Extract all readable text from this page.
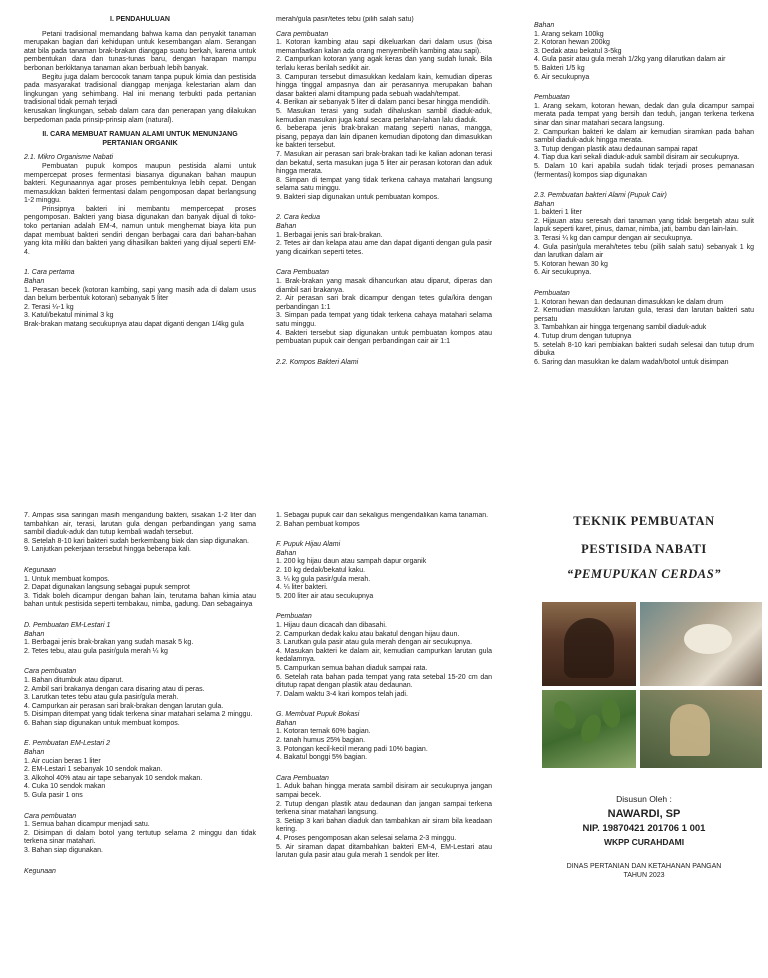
I. PENDAHULUAN

Petani tradisional memandang bahwa kama dan penyakit tanaman merupakan bagian dari kehidupan untuk kesembangan alam. Serangan atat bila pada tanaman brak-brakan dianggap suatu berkah, karena untuk pembentukan dara dan tunas-tunas baru, dengan harapan mampu berbonan berkiktanya tanaman akan berbuah lebih banyak.

Begitu juga dalam bercocok tanam tanpa pupuk kimia dan pestisida pada masyarakat tradisional dianggap menjaga kelestarian alam dan lingkungan yang sehimbang. Hal ini menang terbukti pada pertanian tradisional tidak pernah terjadi

kerusakan lingkungan, sebab dalam cara dan penerapan yang dilakukan berpedoman pada prinsip-prinsip alam (natural).

II. CARA MEMBUAT RAMUAN ALAMI UNTUK MENUNJANG PERTANIAN ORGANIK

2.1. Mikro Organisme Nabati

Pembuatan pupuk kompos maupun pestisida alami untuk mempercepat proses fermentasi biasanya digunakan bahan maupun bakteri. Kegunaannya agar proses pembentuknya lebih cepat. Dengan memasukkan bakteri fermentasi dalam pengomposan dapat berlangsung 1-2 minggu.

Prinsipnya bakteri ini membantu mempercepat proses pengomposan. Bakteri yang biasa digunakan dan banyak dijual di toko-toko pertanian adalah EM-4, namun untuk menghemat biaya kita pun dapat membuat bakteri sendiri dengan berbagai cara dari bahan-bahan yang kita miliki dan bakteri yang dihasilkan bakteri yang dijual seperti EM-4.

1. Cara pertama

Bahan

1. Perasan becek (kotoran kambing, sapi yang masih ada di dalam usus dan belum berbentuk kotoran) sebanyak 5 liter

2. Terasi ¼-1 kg

3. Katul/bekatul minimal 3 kg

Brak-brakan matang secukupnya atau dapat diganti dengan 1/4kg gula

merah/gula pasir/tetes tebu (pilih salah satu)

Cara pembuatan

1. Kotoran kambing atau sapi dikeluarkan dari dalam usus (bisa memanfaatkan kalan ada orang menyembelih kambing atau sapi).

2. Campurkan kotoran yang agak keras dan yang sudah lunak. Bila terlalu keras berilah sedikit air.

3. Campuran tersebut dimasukkan kedalam kain, kemudian diperas hingga tinggal ampasnya dan air perasannya merupakan bahan dasar bakteri alami ditampung pada sebuah wadah/tempat.

4. Berikan air sebanyak 5 liter di dalam panci besar hingga mendidih.

5. Masukan terasi yang sudah dihaluskan sambil diaduk-aduk, kemudian masukan juga katul secara perlahan-lahan lalu diaduk.

6. beberapa jenis brak-brakan matang seperti nanas, mangga, pisang, pepaya dan lain dipanen kemudian dipotong dan dimasukkan ke bakteri tersebut.

7. Masukan air perasan sari brak-brakan tadi ke kalian adonan terasi dan bekatul, serta masukan juga 5 liter air perasan kotoran dan aduk hingga merata.

8. Simpan di tempat yang tidak terkena cahaya matahari langsung selama satu minggu.

9. Bakteri siap digunakan untuk pembuatan kompos.

2. Cara kedua

Bahan

1. Berbagai jenis sari brak-brakan.

2. Tetes air dan kelapa atau ame dan dapat diganti dengan gula pasir yang dicairkan seperti tetes.

Cara Pembuatan

1. Brak-brakan yang masak dihancurkan atau diparut, diperas dan diambil sari brakanya.

2. Air perasan sari brak dicampur dengan tetes gula/kira dengan perbandingan 1:1

3. Simpan pada tempat yang tidak terkena cahaya matahari selama satu minggu.

4. Bakteri tersebut siap digunakan untuk pembuatan kompos atau pembuatan pupuk cair dengan perbandingan cair air 1:1

2.2. Kompos Bakteri Alami

Bahan

1. Arang sekam 100kg

2. Kotoran hewan 200kg

3. Dedak atau bekatul 3-5kg

4. Gula pasir atau gula merah 1/2kg yang dilarutkan dalam air

5. Bakteri 1/5 kg

6. Air secukupnya

Pembuatan

1. Arang sekam, kotoran hewan, dedak dan gula dicampur sampai merata pada tempat yang bersih dan teduh, jangan terkena terkena sinar dan sinar matahari secara langsung.

2. Campurkan bakteri ke dalam air kemudian siramkan pada bahan sambil diaduk-aduk hingga merata.

3. Tutup dengan plastik atau dedaunan sampai rapat

4. Tiap dua kari sekali diaduk-aduk sambil disiram air secukupnya.

5. Dalam 10 kari apabila sudah tidak terjadi proses pemanasan (fermentasi) kompos siap digunakan

2.3. Pembuatan bakteri Alami (Pupuk Cair)

Bahan

1. bakteri 1 liter

2. Hijauan atau seresah dari tanaman yang tidak bergetah atau sulit lapuk seperti karet, pinus, damar, nimba, jati, bambu dan lain-lain.

3. Terasi ¼ kg dan campur dengan air secukupnya.

4. Gula pasir/gula merah/tetes tebu (pilih salah satu) sebanyak 1 kg dan larutkan dalam air

5. Kotoran hewan 30 kg

6. Air secukupnya.

Pembuatan

1. Kotoran hewan dan dedaunan dimasukkan ke dalam drum

2. Kemudian masukkan larutan gula, terasi dan larutan bakteri satu persatu

3. Tambahkan air hingga tergenang sambil diaduk-aduk

4. Tutup drum dengan tutupnya

5. setelah 8-10 kari pembiakan bakteri sudah selesai dan tutup drum dibuka

6. Saring dan masukkan ke dalam wadah/botol untuk disimpan

7. Ampas sisa saringan masih mengandung bakteri, sisakan 1-2 liter dan tambahkan air, terasi, larutan gula dengan perbandingan yang sama sambil diaduk-aduk dan tutup kembali wadah tersebut.

8. Setelah 8-10 kari bakteri sudah berkembang biak dan siap digunakan.

9. Lanjutkan pekerjaan tersebut hingga beberapa kali.

Kegunaan

1. Untuk membuat kompos.

2. Dapat digunakan langsung sebagai pupuk semprot

3. Tidak boleh dicampur dengan bahan lain, terutama bahan kimia atau bahan untuk pestisida seperti tembakau, nimba, gadung. Dan sebagainya

D. Pembuatan EM-Lestari 1

Bahan

1. Berbagai jenis brak-brakan yang sudah masak 5 kg.

2. Tetes tebu, atau gula pasir/gula merah ¼ kg

Cara pembuatan

1. Bahan ditumbuk atau diparut.

2. Ambil sari brakanya dengan cara disaring atau di peras.

3. Larutkan tetes tebu atau gula pasir/gula merah.

4. Campurkan air perasan sari brak-brakan dengan larutan gula.

5. Disimpan ditempat yang tidak terkena sinar matahari selama 2 minggu.

6. Bahan siap digunakan untuk membuat kompos.

E. Pembuatan EM-Lestari 2

Bahan

1. Air cucian beras 1 liter

2. EM-Lestari 1 sebanyak 10 sendok makan.

3. Alkohol 40% atau air tape sebanyak 10 sendok makan.

4. Cuka 10 sendok makan

5. Gula pasir 1 ons

Cara pembuatan

1. Semua bahan dicampur menjadi satu.

2. Disimpan di dalam botol yang tertutup selama 2 minggu dan tidak terkena sinar matahari.

3. Bahan siap digunakan.

Kegunaan

1. Sebagai pupuk cair dan sekaligus mengendalikan kama tanaman.

2. Bahan pembuat kompos

F. Pupuk Hijau Alami

Bahan

1. 200 kg hijau daun atau sampah dapur organik

2. 10 kg dedak/bekatul kaku.

3. ¼ kg gula pasir/gula merah.

4. ¼ liter bakteri.

5. 200 liter air atau secukupnya

Pembuatan

1. Hijau daun dicacah dan dibasahi.

2. Campurkan dedak kaku atau bakatul dengan hijau daun.

3. Larutkan gula pasir atau gula merah dengan air secukupnya.

4. Masukan bakteri ke dalam air, kemudian campurkan larutan gula kedalamnya.

5. Campurkan semua bahan diaduk sampai rata.

6. Setelah rata bahan pada tempat yang rata setebal 15-20 cm dan ditutup rapat dengan plastik atau dedaunan.

7. Dalam waktu 3-4 kari kompos telah jadi.

G. Membuat Pupuk Bokasi

Bahan

1. Kotoran ternak 60% bagian.

2. tanah humus 25% bagian.

3. Potongan kecil-kecil merang padi 10% bagian.

4. Bakatul bonggi 5% bagian.

Cara Pembuatan

1. Aduk bahan hingga merata sambil disiram air secukupnya jangan sampai becek.

2. Tutup dengan plastik atau dedaunan dan jangan sampai terkena terkena sinar matahari langsung.

3. Setiap 3 kari bahan diaduk dan tambahkan air siram bila keadaan kering.

4. Proses pengomposan akan selesai selama 2-3 minggu.

5. Air siraman dapat ditambahkan bakteri EM-4, EM-Lestari atau larutan gula pasir atau gula merah 1 sendok per liter.

TEKNIK PEMBUATAN

PESTISIDA NABATI

“PEMUPUKAN CERDAS”

Disusun Oleh :
NAWARDI, SP
NIP. 19870421 201706 1 001
WKPP CURAHDAMI
DINAS PERTANIAN DAN KETAHANAN PANGAN
TAHUN 2023
